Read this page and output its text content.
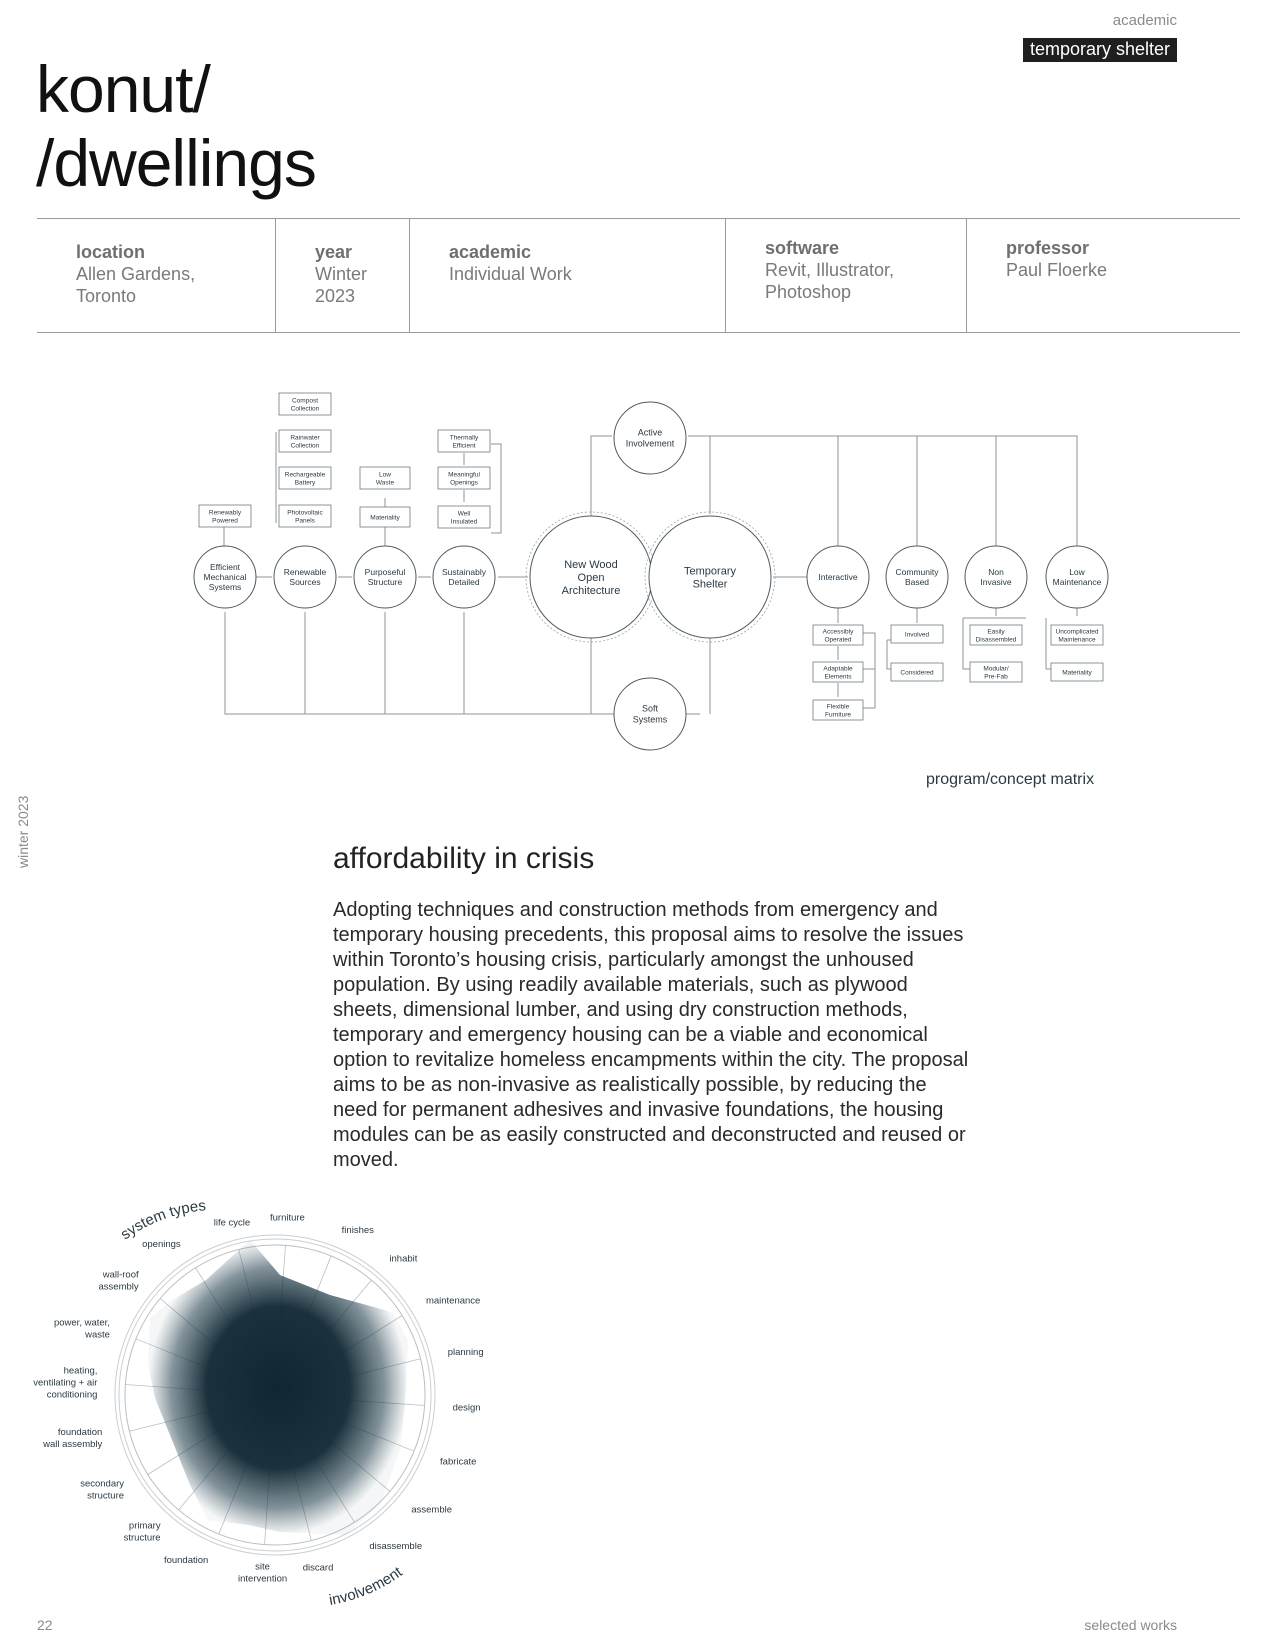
academic
temporary shelter
konut/
/dwellings
location
Allen Gardens,
Toronto
year
Winter
2023
academic
Individual Work
software
Revit, Illustrator,
Photoshop
professor
Paul Floerke
Efficient
Mechanical
Systems
Renewable
Sources
Purposeful
Structure
Sustainably
Detailed
New Wood
Open
Architecture
Temporary
Shelter
Active
Involvement
Soft
Systems
Interactive	Community
Based
Non
Invasive
Low
Maintenance
Compost
Collection
Rainwater
Collection
Rechargeable
Battery
Photovoltaic
Panels
Renewably
Powered
Low
Waste
Materiality
Thermally
Efficient
Meaningful
Openings
Well
Insulated
Accessibly
Operated
Adaptable
Elements
Flexible
Furniture
Involved
Considered
Easily
Disassembled
Modular/
Pre-Fab
Uncomplicated
Maintenance
Materiality
program/concept matrix
winter 2023	affordability in crisis
Adopting techniques and construction methods from emergency and temporary housing precedents, this proposal aims to resolve the issues within Toronto’s housing crisis, particularly amongst the unhoused population. By using readily available materials, such as plywood sheets, dimensional lumber, and using dry construction methods, temporary and emergency housing can be a viable and economical option to revitalize homeless encampments within the city. The proposal aims to be as non-invasive as realistically possible, by reducing the need for permanent adhesives and invasive foundations, the housing modules can be as easily constructed and deconstructed and reused or moved.
furniture
finishes
inhabit
maintenance
planning
design
fabricate
assemble
disassemble
discard
site intervention
foundation
primary structure
secondary structure
foundation wall assembly
heating, ventilating + air conditioning
power, water, waste
wall-roof assembly
openings
life cycle
system types
involvement
22	selected works
